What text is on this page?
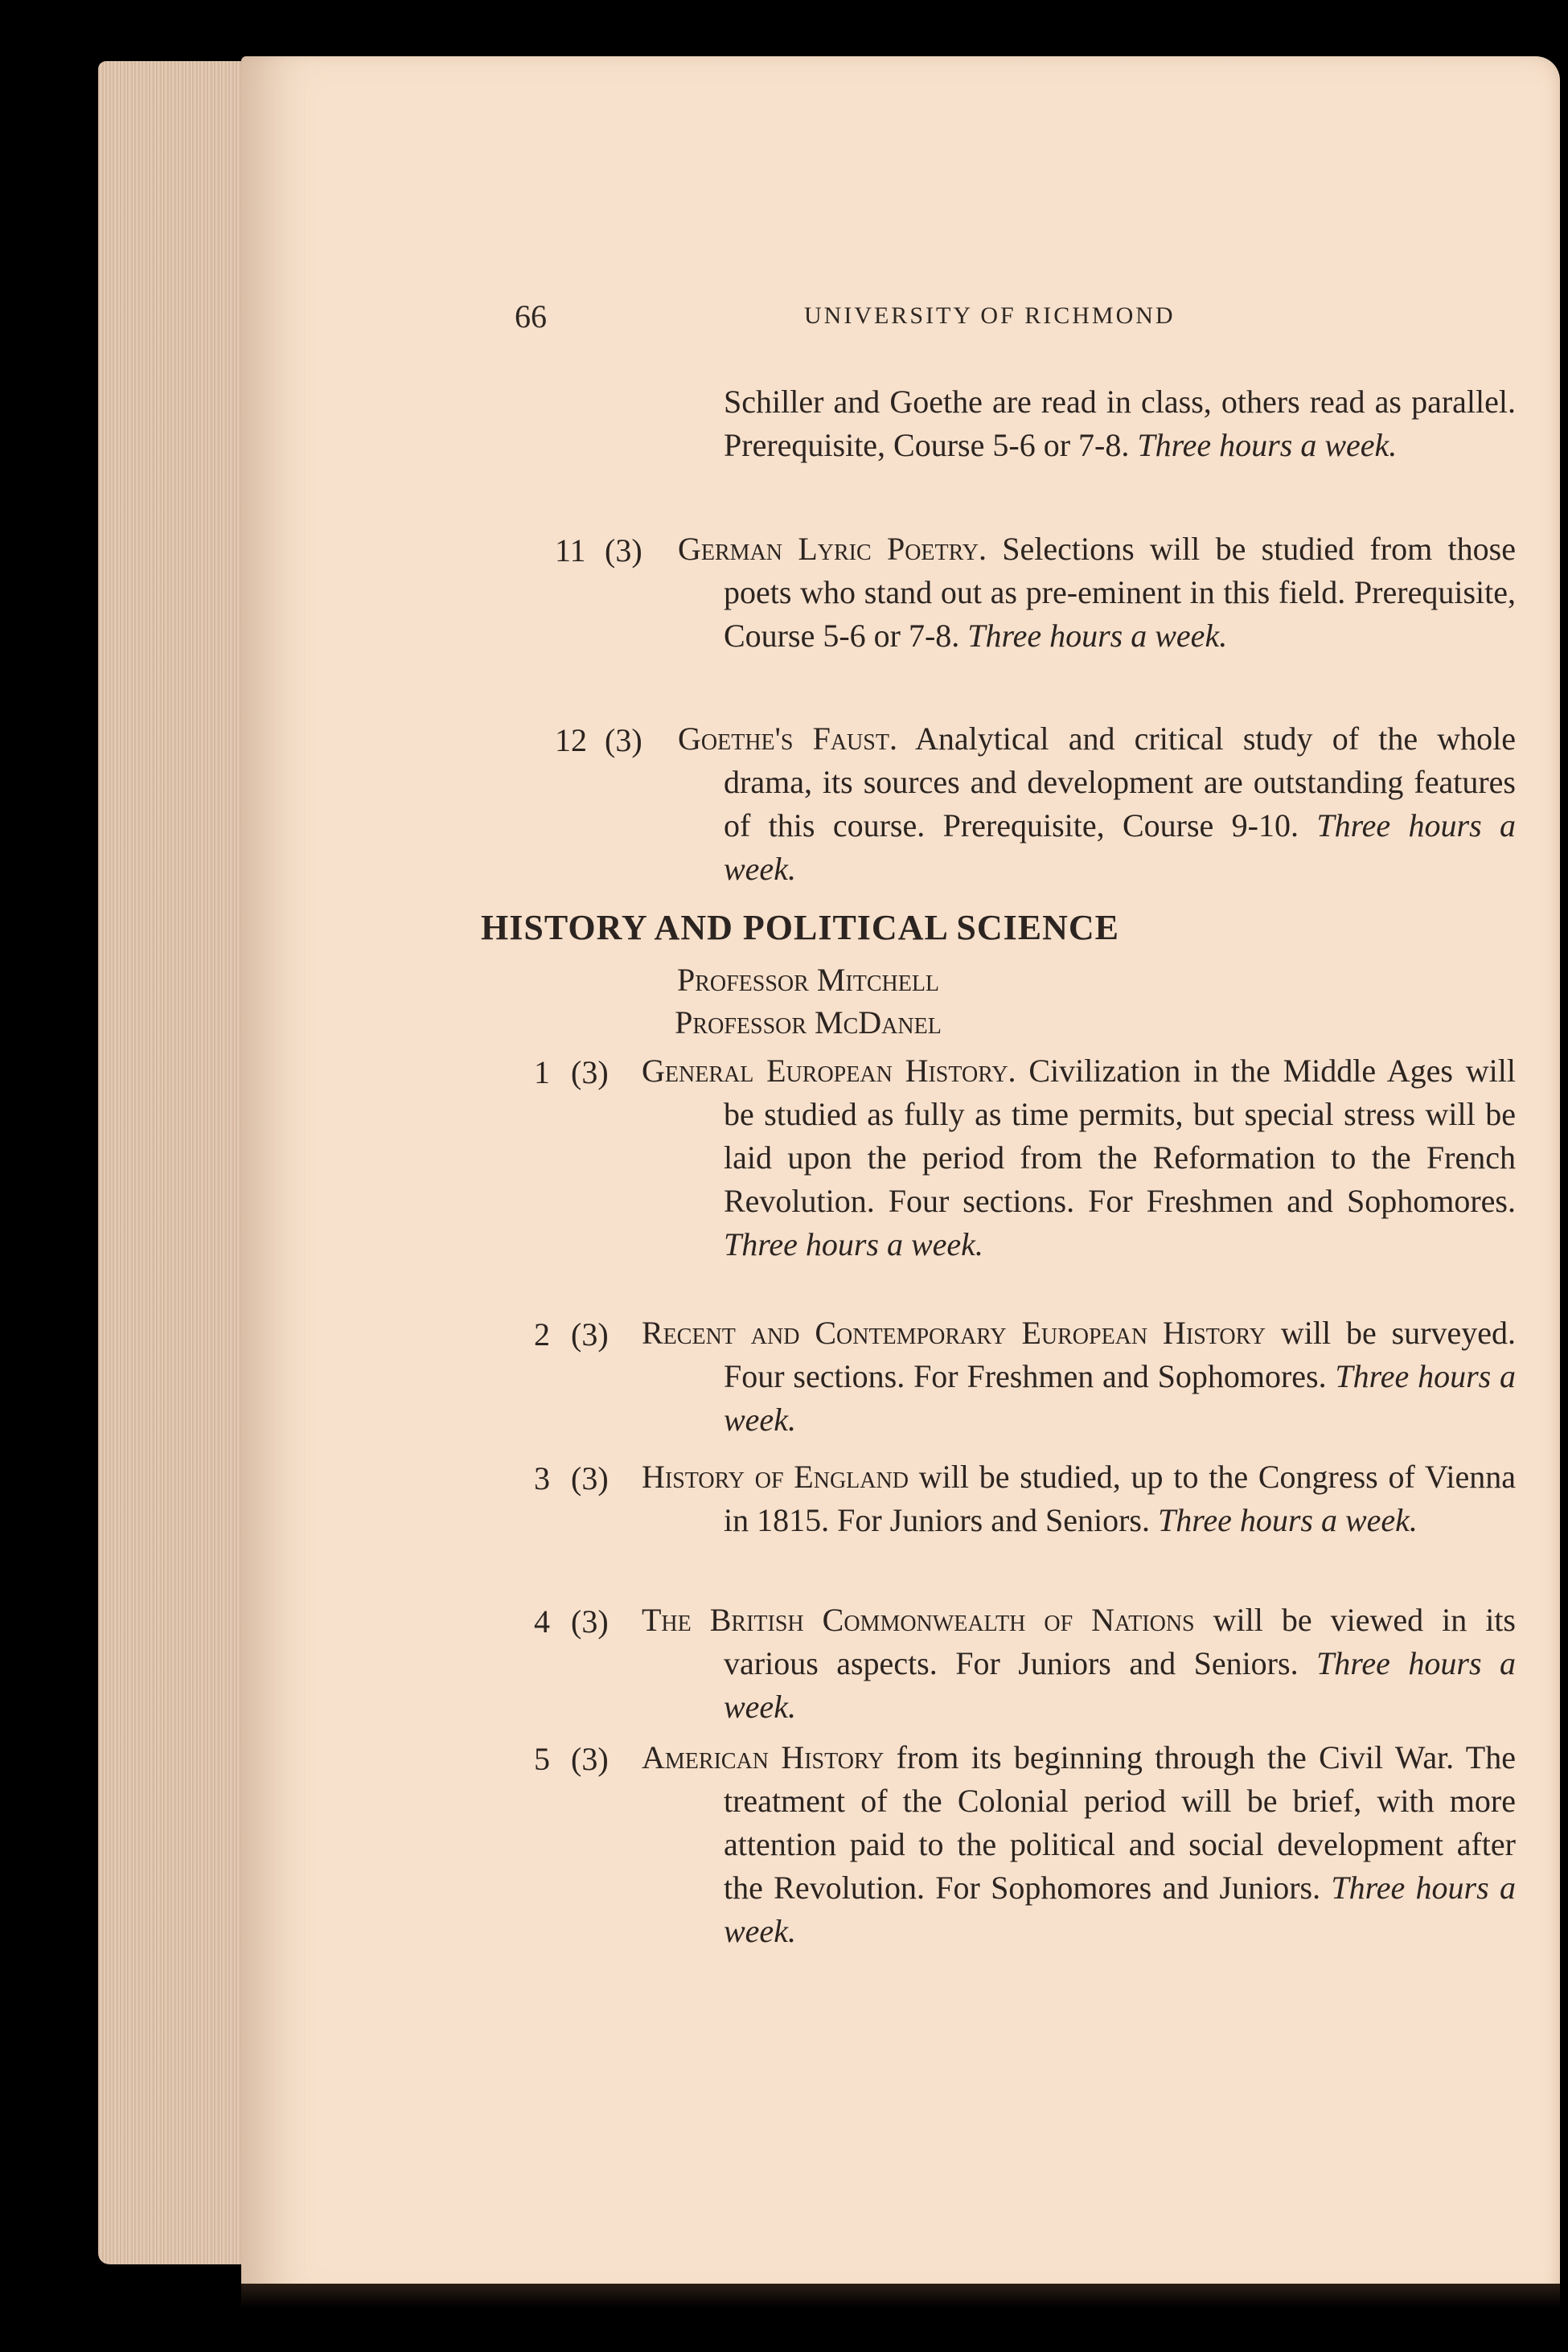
66	UNIVERSITY OF RICHMOND
Schiller and Goethe are read in class, others read as parallel. Prerequisite, Course 5-6 or 7-8. Three hours a week.
11 (3) German Lyric Poetry. Selections will be studied from those poets who stand out as pre-eminent in this field. Prerequisite, Course 5-6 or 7-8. Three hours a week.
12 (3) Goethe's Faust. Analytical and critical study of the whole drama, its sources and development are outstanding features of this course. Prerequisite, Course 9-10. Three hours a week.
HISTORY AND POLITICAL SCIENCE
Professor Mitchell
Professor McDanel
1 (3) General European History. Civilization in the Middle Ages will be studied as fully as time permits, but special stress will be laid upon the period from the Reformation to the French Revolution. Four sections. For Freshmen and Sophomores. Three hours a week.
2 (3) Recent and Contemporary European History will be surveyed. Four sections. For Freshmen and Sophomores. Three hours a week.
3 (3) History of England will be studied, up to the Congress of Vienna in 1815. For Juniors and Seniors. Three hours a week.
4 (3) The British Commonwealth of Nations will be viewed in its various aspects. For Juniors and Seniors. Three hours a week.
5 (3) American History from its beginning through the Civil War. The treatment of the Colonial period will be brief, with more attention paid to the political and social development after the Revolution. For Sophomores and Juniors. Three hours a week.
